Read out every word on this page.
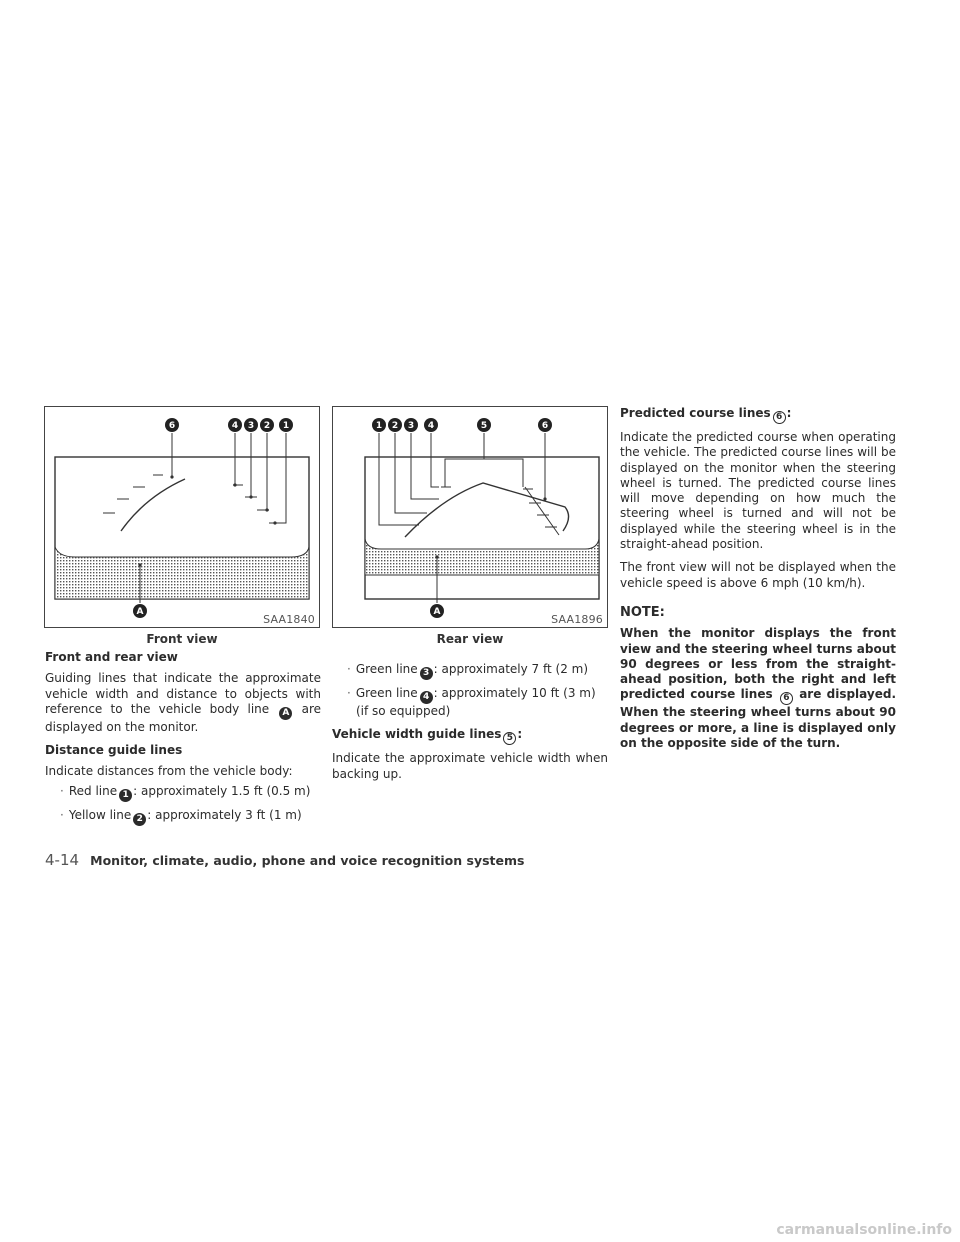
6	4 3 2 1
A
SAA1840
Front view
1 2 3 4	5	6
A
SAA1896
Rear view
Front and rear view

Guiding lines that indicate the approximate vehicle width and distance to objects with reference to the vehicle body line A are displayed on the monitor.

Distance guide lines

Indicate distances from the vehicle body:

· Red line 1 : approximately 1.5 ft (0.5 m)
· Yellow line 2 : approximately 3 ft (1 m)
· Green line 3 : approximately 7 ft (2 m)
· Green line 4 : approximately 10 ft (3 m) (if so equipped)
Vehicle width guide lines 5 :

Indicate the approximate vehicle width when backing up.

Predicted course lines 6 :

Indicate the predicted course when operating the vehicle. The predicted course lines will be displayed on the monitor when the steering wheel is turned. The predicted course lines will move depending on how much the steering wheel is turned and will not be displayed while the steering wheel is in the straight-ahead position.

The front view will not be displayed when the vehicle speed is above 6 mph (10 km/h).

NOTE:

When the monitor displays the front view and the steering wheel turns about 90 degrees or less from the straight-ahead position, both the right and left predicted course lines 6 are displayed. When the steering wheel turns about 90 degrees or more, a line is displayed only on the opposite side of the turn.

4-14 Monitor, climate, audio, phone and voice recognition systems
carmanualsonline.info
